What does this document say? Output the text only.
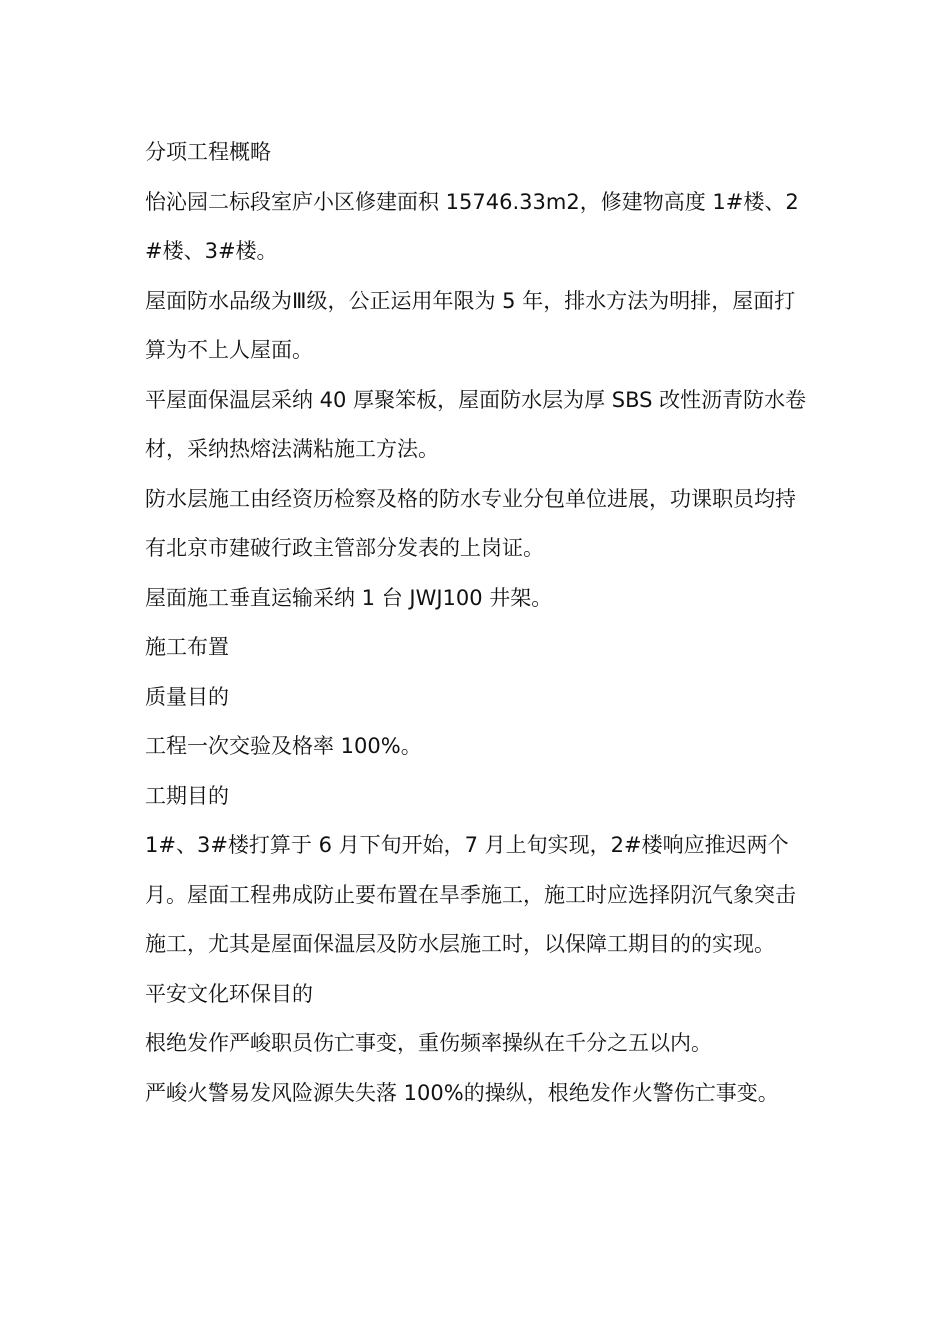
分项工程概略

怡沁园二标段室庐小区修建面积 15746.33m2，修建物高度 1#楼、2#楼、3#楼。

屋面防水品级为Ⅲ级，公正运用年限为 5 年，排水方法为明排，屋面打算为不上人屋面。

平屋面保温层采纳 40 厚聚笨板，屋面防水层为厚 SBS 改性沥青防水卷材，采纳热熔法满粘施工方法。

防水层施工由经资历检察及格的防水专业分包单位进展，功课职员均持有北京市建破行政主管部分发表的上岗证。

屋面施工垂直运输采纳 1 台 JWJ100 井架。

施工布置

质量目的

工程一次交验及格率 100%。

工期目的

1#、3#楼打算于 6 月下旬开始，7 月上旬实现，2#楼响应推迟两个月。屋面工程弗成防止要布置在旱季施工，施工时应选择阴沉气象突击施工，尤其是屋面保温层及防水层施工时，以保障工期目的的实现。

平安文化环保目的

根绝发作严峻职员伤亡事变，重伤频率操纵在千分之五以内。

严峻火警易发风险源失失落 100%的操纵，根绝发作火警伤亡事变。
